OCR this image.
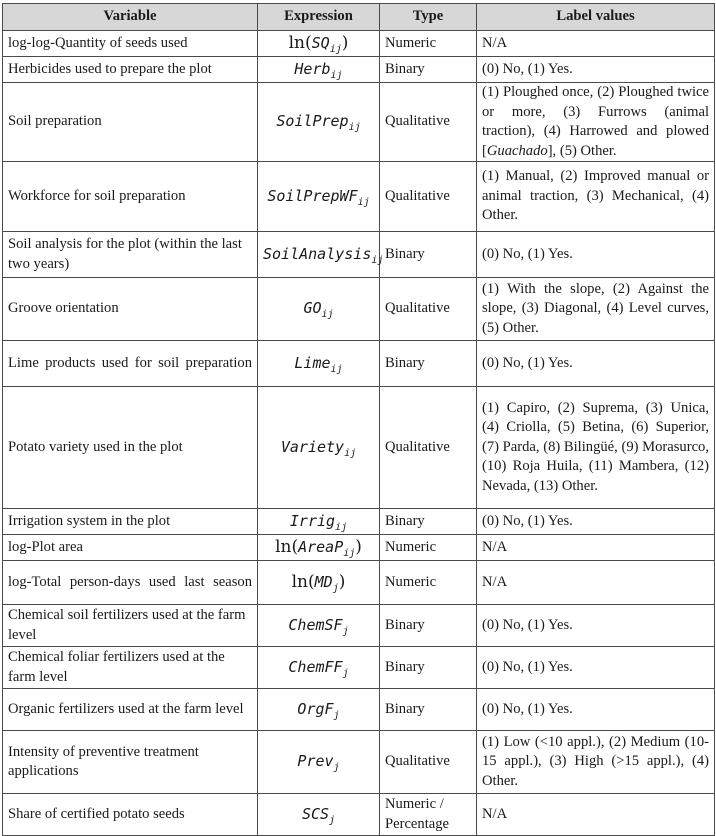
Variable	Expression	Type	Label values
log-log-Quantity of seeds used	$\ln(SQ_{ij})$	Numeric	N/A
Herbicides used to prepare the plot	Herb$_{ij}$	Binary	(0) No, (1) Yes.
Soil preparation	SoilPrep$_{ij}$	Qualitative	(1) Ploughed once, (2) Ploughed twice or more, (3) Furrows (animal traction), (4) Harrowed and plowed [Guachado], (5) Other.
Workforce for soil preparation	SoilPrepWF$_{ij}$	Qualitative	(1) Manual, (2) Improved manual or animal traction, (3) Mechanical, (4) Other.
Soil analysis for the plot (within the last two years)	SoilAnalysis$_{ij}$	Binary	(0) No, (1) Yes.
Groove orientation	$GO_{ij}$	Qualitative	(1) With the slope, (2) Against the slope, (3) Diagonal, (4) Level curves, (5) Other.
Lime products used for soil preparation	Lime$_{ij}$	Binary	(0) No, (1) Yes.
Potato variety used in the plot	Variety$_{ij}$	Qualitative	(1) Capiro, (2) Suprema, (3) Unica, (4) Criolla, (5) Betina, (6) Superior, (7) Parda, (8) Bilingüé, (9) Morasurco, (10) Roja Huila, (11) Mambera, (12) Nevada, (13) Other.
Irrigation system in the plot	Irrig$_{ij}$	Binary	(0) No, (1) Yes.
log-Plot area	ln(AreaP$_{ij}$)	Numeric	N/A
log-Total person-days used last season	$\ln(MD_j)$	Numeric	N/A
Chemical soil fertilizers used at the farm level	ChemSF$_j$	Binary	(0) No, (1) Yes.
Chemical foliar fertilizers used at the farm level	ChemFF$_j$	Binary	(0) No, (1) Yes.
Organic fertilizers used at the farm level	OrgF$_j$	Binary	(0) No, (1) Yes.
Intensity of preventive treatment applications	Prev$_j$	Qualitative	(1) Low (<10 appl.), (2) Medium (10-15 appl.), (3) High (>15 appl.), (4) Other.
Share of certified potato seeds	$SCS_j$	Numeric / Percentage	N/A
